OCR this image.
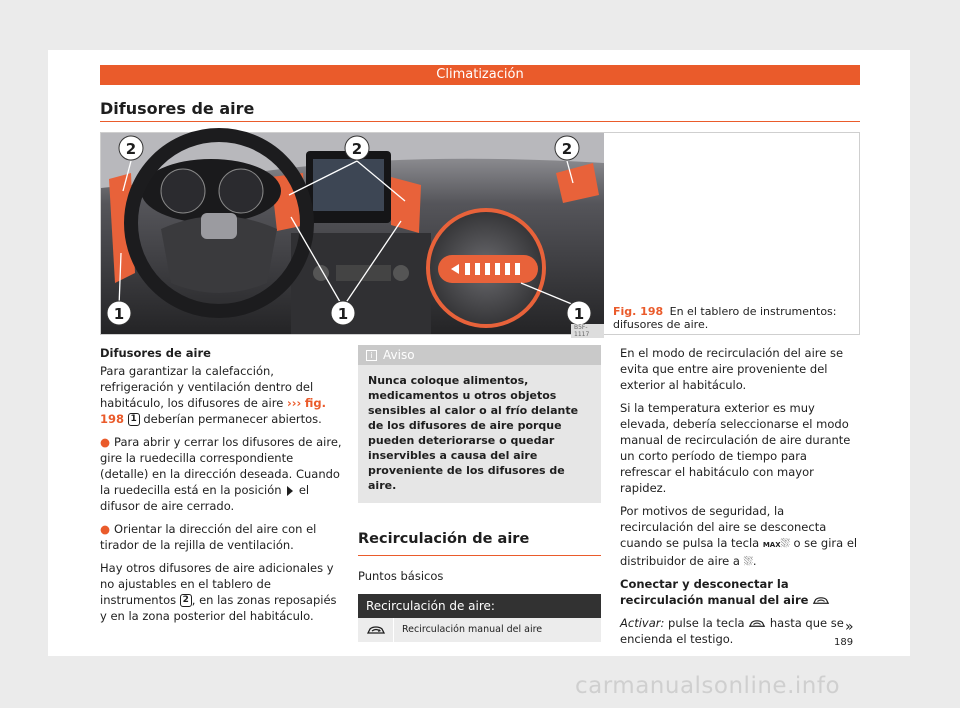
Climatización
Difusores de aire
2	2	2
1	1	1
B5F-1117
Fig. 198 En el tablero de instrumentos: difusores de aire.

Difusores de aire

Para garantizar la calefacción, refrigeración y ventilación dentro del habitáculo, los difusores de aire ››› fig. 198 1 deberían permanecer abiertos.

● Para abrir y cerrar los difusores de aire, gire la ruedecilla correspondiente (detalle) en la dirección deseada. Cuando la ruedecilla está en la posición el difusor de aire cerrado.

● Orientar la dirección del aire con el tirador de la rejilla de ventilación.

Hay otros difusores de aire adicionales y no ajustables en el tablero de instrumentos 2 , en las zonas reposapiés y en la zona posterior del habitáculo.

i Aviso
Nunca coloque alimentos, medicamentos u otros objetos sensibles al calor o al frío delante de los difusores de aire porque pueden deteriorarse o quedar inservibles a causa del aire proveniente de los difusores de aire.
Recirculación de aire
Puntos básicos
Recirculación de aire:
Recirculación manual del aire

En el modo de recirculación del aire se evita que entre aire proveniente del exterior al habitáculo.

Si la temperatura exterior es muy elevada, debería seleccionarse el modo manual de recirculación de aire durante un corto período de tiempo para refrescar el habitáculo con mayor rapidez.

Por motivos de seguridad, la recirculación del aire se desconecta cuando se pulsa la tecla MAX⛆ o se gira el distribuidor de aire a ⛆.

Conectar y desconectar la recirculación manual del aire

Activar: pulse la tecla hasta que se encienda el testigo.

»
189
carmanualsonline.info
